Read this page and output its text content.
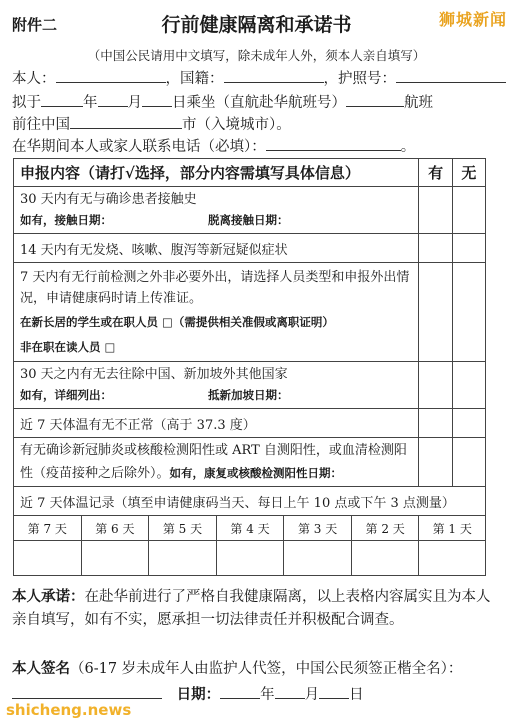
附件二	行前健康隔离和承诺书	狮城新闻
（中国公民请用中文填写，除未成年人外，须本人亲自填写）
本人：	，国籍：	，护照号：
拟于	年 月 日乘坐（直航赴华航班号）	航班
前往中国	市（入境城市）。
在华期间本人或家人联系电话（必填）：	。
申报内容（请打√选择，部分内容需填写具体信息）						有	无

30 天内有无与确诊患者接触史
如有，接触日期： 脱离接触日期：							

14 天内有无发烧、咳嗽、腹泻等新冠疑似症状							

7 天内有无行前检测之外非必要外出，请选择人员类型和申报外出情况，申请健康码时请上传准证。
在新长居的学生或在职人员 □（需提供相关准假或离职证明）
非在职在读人员 □							

30 天之内有无去往除中国、新加坡外其他国家
如有，详细列出： 抵新加坡日期：							

近 7 天体温有无不正常（高于 37.3 度）							
有无确诊新冠肺炎或核酸检测阳性或 ART 自测阳性，或血清检测阳性（疫苗接种之后除外）。如有，康复或核酸检测阳性日期：							
近 7 天体温记录（填至申请健康码当天、每日上午 10 点或下午 3 点测量）							
第 7 天	第 6 天	第 5 天	第 4 天	第 3 天	第 2 天	第 1 天	

本人承诺：在赴华前进行了严格自我健康隔离，以上表格内容属实且为本人亲自填写，如有不实，愿承担一切法律责任并积极配合调查。
本人签名（6-17 岁未成年人由监护人代签，中国公民须签正楷全名）： 日期：	年 月 日
shicheng.news
